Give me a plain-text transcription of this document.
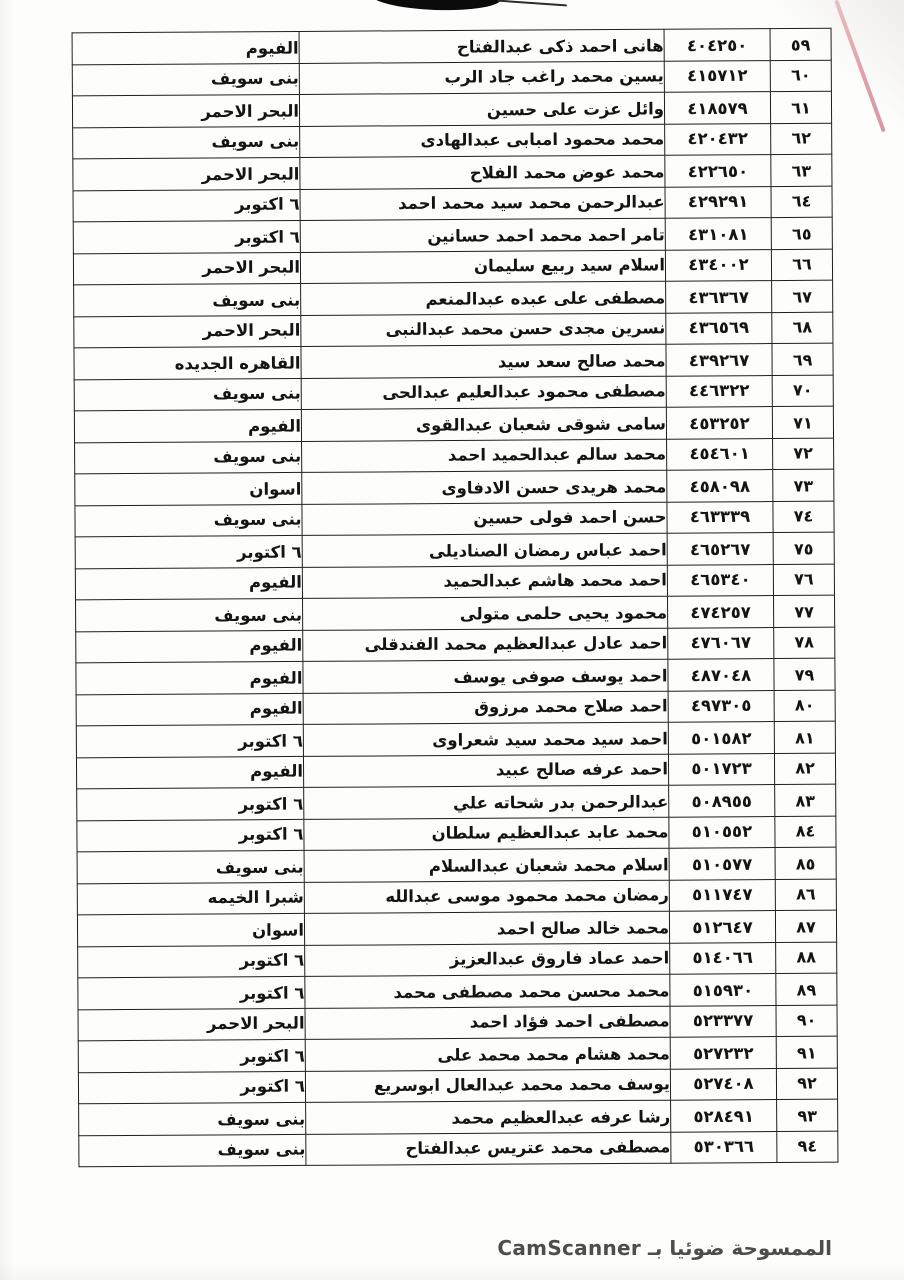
٥٩	٤٠٤٢٥٠	هانى احمد ذكى عبدالفتاح	الفيوم
٦٠	٤١٥٧١٢	يسين محمد راغب جاد الرب	بنى سويف
٦١	٤١٨٥٧٩	وائل عزت على حسين	البحر الاحمر
٦٢	٤٢٠٤٣٢	محمد محمود امبابى عبدالهادى	بنى سويف
٦٣	٤٢٢٦٥٠	محمد عوض محمد الفلاح	البحر الاحمر
٦٤	٤٢٩٢٩١	عبدالرحمن محمد سيد محمد احمد	٦ اكتوبر
٦٥	٤٣١٠٨١	تامر احمد محمد احمد حسانين	٦ اكتوبر
٦٦	٤٣٤٠٠٢	اسلام سيد ربيع سليمان	البحر الاحمر
٦٧	٤٣٦٣٦٧	مصطفى على عبده عبدالمنعم	بنى سويف
٦٨	٤٣٦٥٦٩	نسرين مجدى حسن محمد عبدالنبى	البحر الاحمر
٦٩	٤٣٩٢٦٧	محمد صالح سعد سيد	القاهره الجديده
٧٠	٤٤٦٣٢٢	مصطفى محمود عبدالعليم عبدالحى	بنى سويف
٧١	٤٥٣٢٥٢	سامى شوقى شعبان عبدالقوى	الفيوم
٧٢	٤٥٤٦٠١	محمد سالم عبدالحميد احمد	بنى سويف
٧٣	٤٥٨٠٩٨	محمد هريدى حسن الادفاوى	اسوان
٧٤	٤٦٣٣٣٩	حسن احمد فولى حسين	بنى سويف
٧٥	٤٦٥٢٦٧	احمد عباس رمضان الصناديلى	٦ اكتوبر
٧٦	٤٦٥٣٤٠	احمد محمد هاشم عبدالحميد	الفيوم
٧٧	٤٧٤٢٥٧	محمود يحيى حلمى متولى	بنى سويف
٧٨	٤٧٦٠٦٧	احمد عادل عبدالعظيم محمد الفندقلى	الفيوم
٧٩	٤٨٧٠٤٨	احمد يوسف صوفى يوسف	الفيوم
٨٠	٤٩٧٣٠٥	احمد صلاح محمد مرزوق	الفيوم
٨١	٥٠١٥٨٢	احمد سيد محمد سيد شعراوى	٦ اكتوبر
٨٢	٥٠١٧٢٣	احمد عرفه صالح عبيد	الفيوم
٨٣	٥٠٨٩٥٥	عبدالرحمن بدر شحاته علي	٦ اكتوبر
٨٤	٥١٠٥٥٢	محمد عابد عبدالعظيم سلطان	٦ اكتوبر
٨٥	٥١٠٥٧٧	اسلام محمد شعبان عبدالسلام	بنى سويف
٨٦	٥١١٧٤٧	رمضان محمد محمود موسى عبدالله	شبرا الخيمه
٨٧	٥١٢٦٤٧	محمد خالد صالح احمد	اسوان
٨٨	٥١٤٠٦٦	احمد عماد فاروق عبدالعزيز	٦ اكتوبر
٨٩	٥١٥٩٣٠	محمد محسن محمد مصطفى محمد	٦ اكتوبر
٩٠	٥٢٣٣٧٧	مصطفى احمد فؤاد احمد	البحر الاحمر
٩١	٥٢٧٢٣٢	محمد هشام محمد محمد على	٦ اكتوبر
٩٢	٥٢٧٤٠٨	يوسف محمد محمد عبدالعال ابوسريع	٦ اكتوبر
٩٣	٥٢٨٤٩١	رشا عرفه عبدالعظيم محمد	بنى سويف
٩٤	٥٣٠٣٦٦	مصطفى محمد عتريس عبدالفتاح	بنى سويف
الممسوحة ضوئيا بـ CamScanner
